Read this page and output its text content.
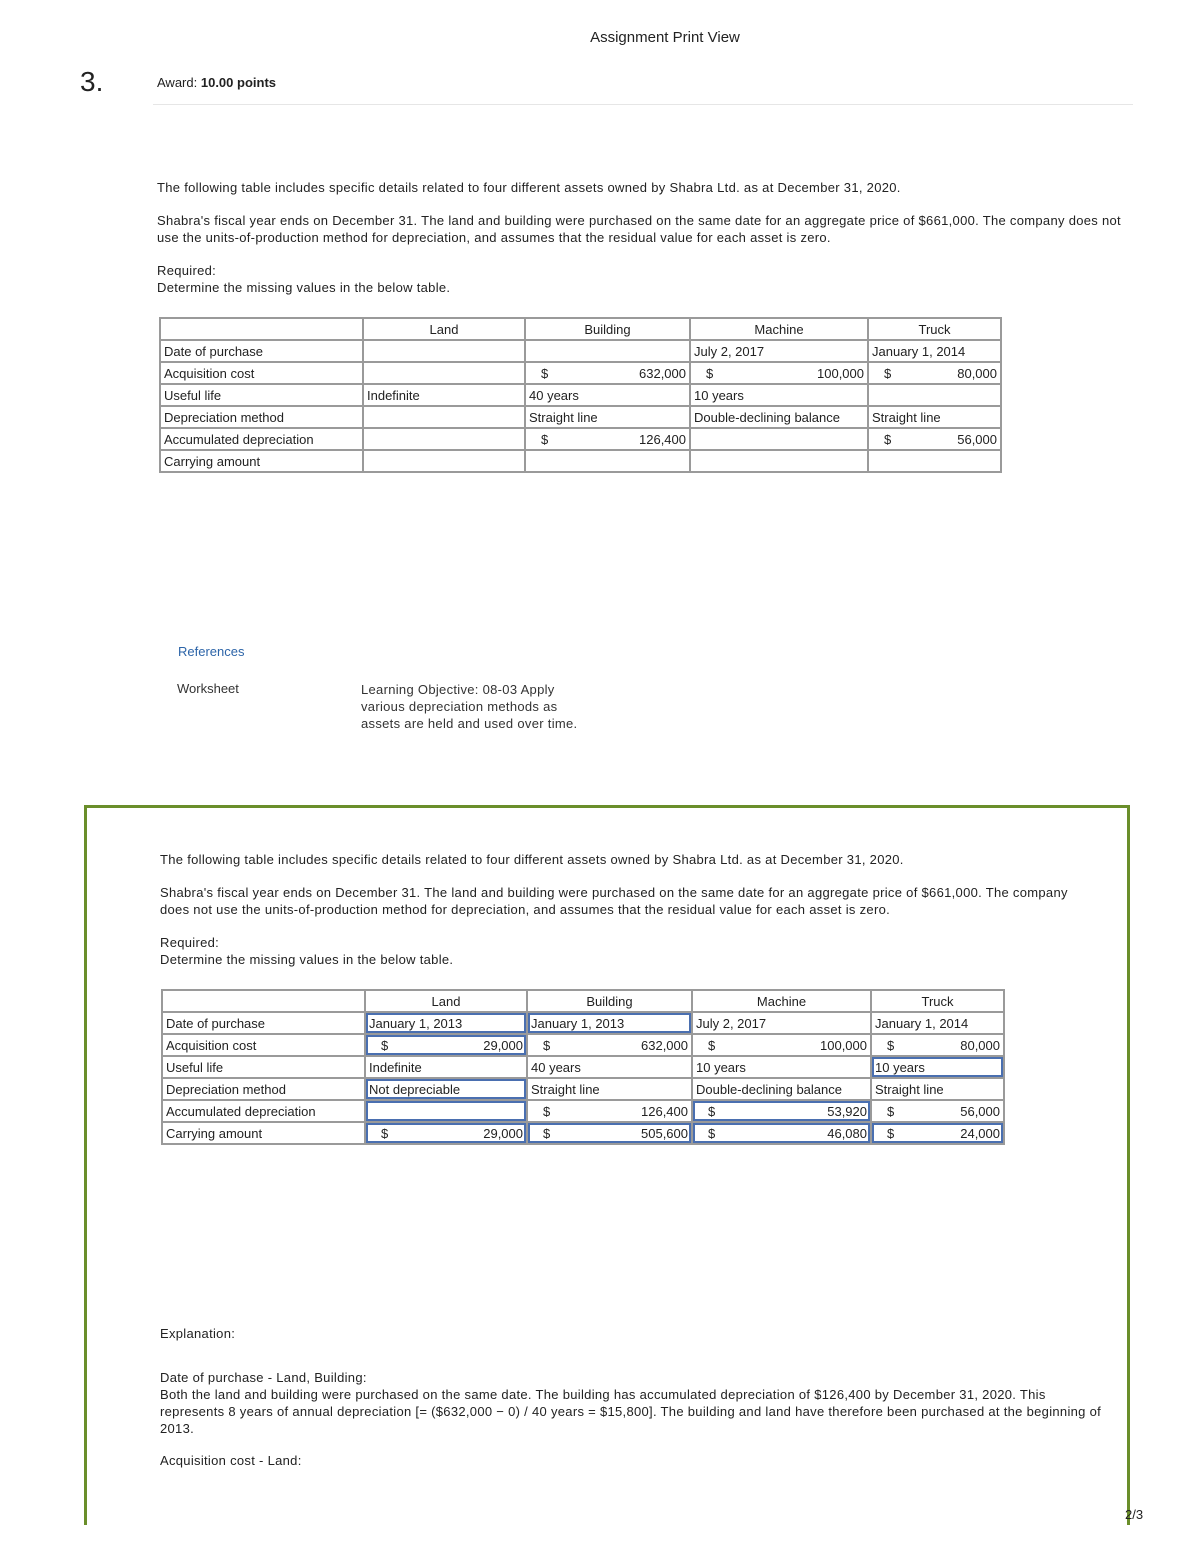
Assignment Print View
3.	Award: 10.00 points
The following table includes specific details related to four different assets owned by Shabra Ltd. as at December 31, 2020.
Shabra's fiscal year ends on December 31. The land and building were purchased on the same date for an aggregate price of $661,000. The company does not use the units-of-production method for depreciation, and assumes that the residual value for each asset is zero.
Required:
Determine the missing values in the below table.
	Land	Building	Machine	Truck
Date of purchase			July 2, 2017	January 1, 2014
Acquisition cost		$ 632,000	$ 100,000	$ 80,000

Useful life	Indefinite	40 years	10 years	
Depreciation method		Straight line	Double-declining balance	Straight line
Accumulated depreciation		$ 126,400		$ 56,000

Carrying amount				
References
Worksheet	Learning Objective: 08-03 Apply various depreciation methods as assets are held and used over time.
The following table includes specific details related to four different assets owned by Shabra Ltd. as at December 31, 2020.
Shabra's fiscal year ends on December 31. The land and building were purchased on the same date for an aggregate price of $661,000. The company does not use the units-of-production method for depreciation, and assumes that the residual value for each asset is zero.
Required:
Determine the missing values in the below table.
	Land	Building	Machine	Truck
Date of purchase	January 1, 2013	January 1, 2013	July 2, 2017	January 1, 2014
Acquisition cost	$ 29,000	$ 632,000	$ 100,000	$ 80,000

Useful life	Indefinite	40 years	10 years	10 years
Depreciation method	Not depreciable	Straight line	Double-declining balance	Straight line
Accumulated depreciation		$ 126,400	$ 53,920	$ 56,000

Carrying amount	$ 29,000	$ 505,600	$ 46,080	$ 24,000
Explanation:
Date of purchase - Land, Building:
Both the land and building were purchased on the same date. The building has accumulated depreciation of $126,400 by December 31, 2020. This represents 8 years of annual depreciation [= ($632,000 − 0) / 40 years = $15,800]. The building and land have therefore been purchased at the beginning of 2013.
Acquisition cost - Land:
2/3
